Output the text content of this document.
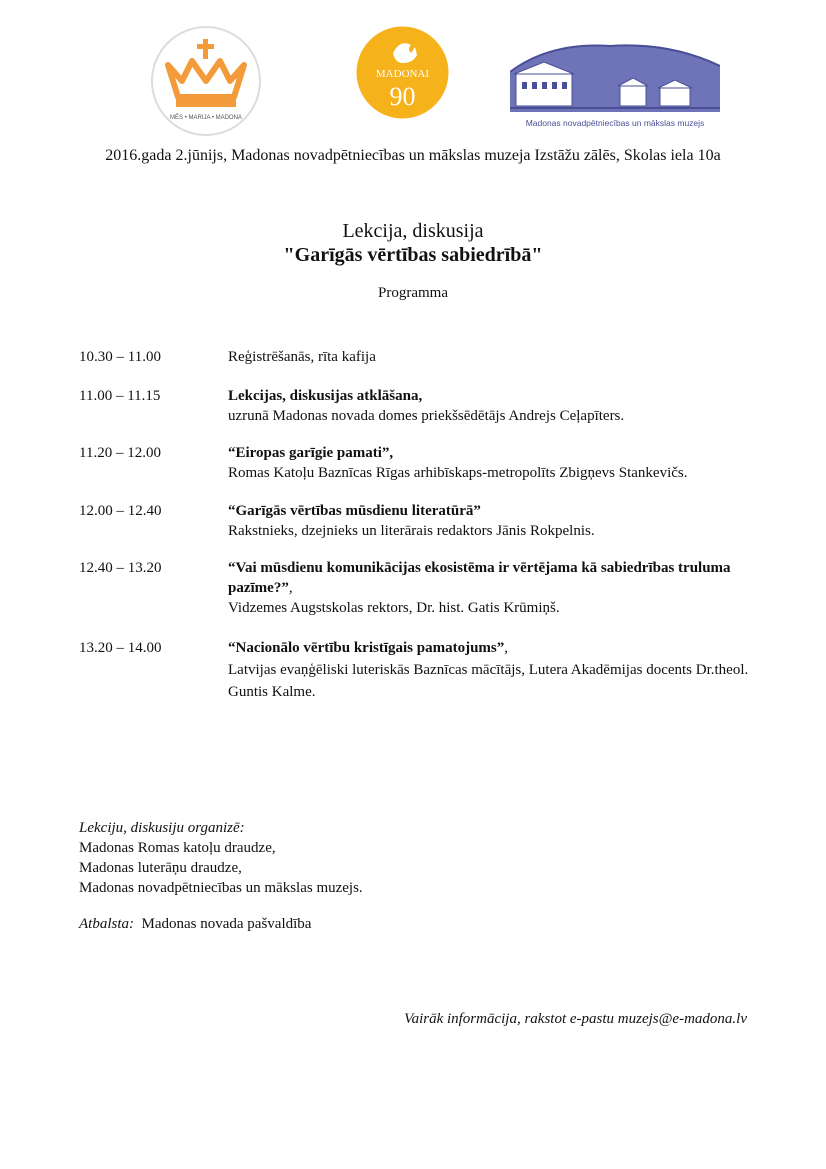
MĒS • MARIJA • MADONA
MADONAI
90
Madonas novadpētniecības un mākslas muzejs
2016.gada 2.jūnijs, Madonas novadpētniecības un mākslas muzeja Izstāžu zālēs, Skolas iela 10a
Lekcija, diskusija
"Garīgās vērtības sabiedrībā"
Programma
10.30 – 11.00	Reģistrēšanās, rīta kafija
11.00 – 11.15	Lekcijas, diskusijas atklāšana,
uzrunā Madonas novada domes priekšsēdētājs Andrejs Ceļapīters.
11.20 – 12.00	“Eiropas garīgie pamati”,
Romas Katoļu Baznīcas Rīgas arhibīskaps-metropolīts Zbigņevs Stankevičs.
12.00 – 12.40	“Garīgās vērtības mūsdienu literatūrā”
Rakstnieks, dzejnieks un literārais redaktors Jānis Rokpelnis.
12.40 – 13.20	“Vai mūsdienu komunikācijas ekosistēma ir vērtējama kā sabiedrības truluma pazīme?”,
Vidzemes Augstskolas rektors, Dr. hist. Gatis Krūmiņš.
13.20 – 14.00	“Nacionālo vērtību kristīgais pamatojums”,
Latvijas evaņģēliski luteriskās Baznīcas mācītājs, Lutera Akadēmijas docents Dr.theol. Guntis Kalme.
Lekciju, diskusiju organizē:
Madonas Romas katoļu draudze,
Madonas luterāņu draudze,
Madonas novadpētniecības un mākslas muzejs.
Atbalsta: Madonas novada pašvaldība
Vairāk informācija, rakstot e-pastu muzejs@e-madona.lv
